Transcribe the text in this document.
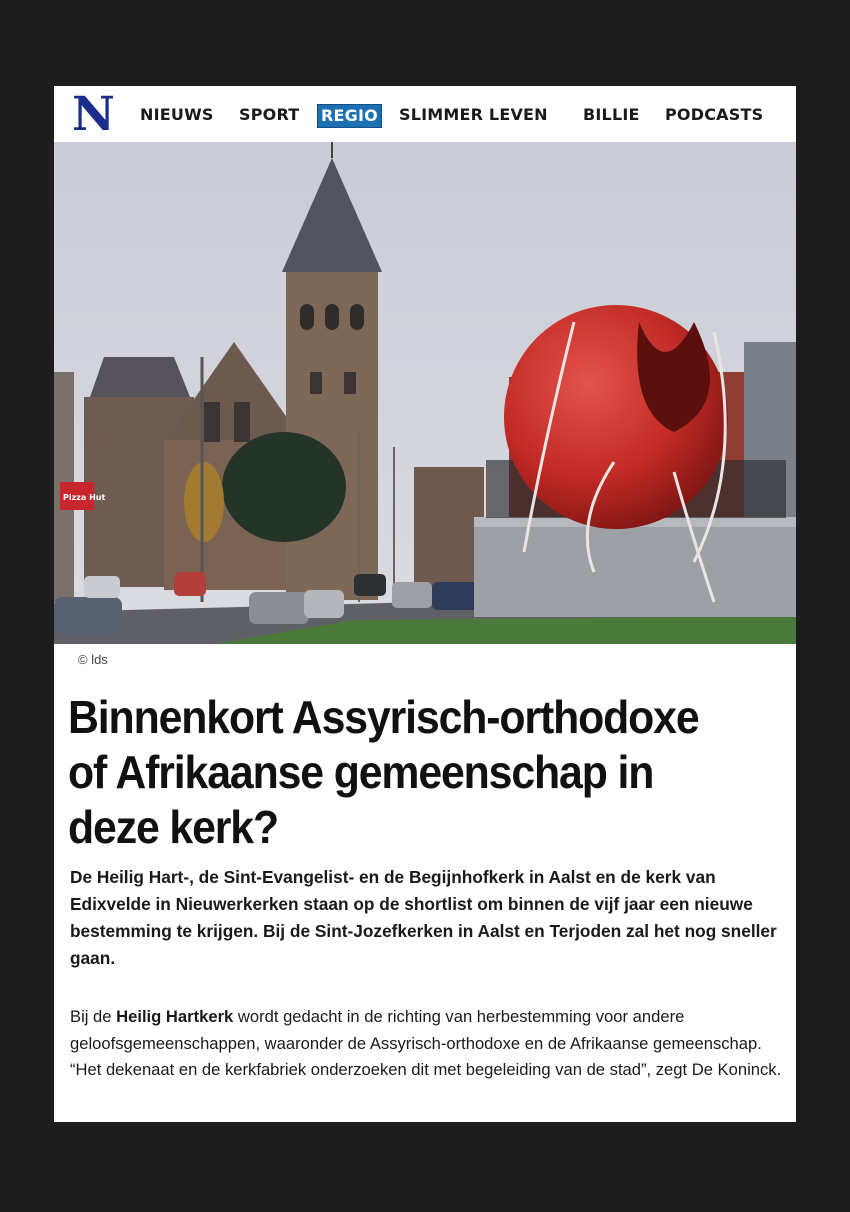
N NIEUWS SPORT REGIO SLIMMER LEVEN BILLIE PODCASTS
Pizza Hut
© lds
Binnenkort Assyrisch-orthodoxe of Afrikaanse gemeenschap in deze kerk?

De Heilig Hart-, de Sint-Evangelist- en de Begijnhofkerk in Aalst en de kerk van Edixvelde in Nieuwerkerken staan op de shortlist om binnen de vijf jaar een nieuwe bestemming te krijgen. Bij de Sint-Jozefkerken in Aalst en Terjoden zal het nog sneller gaan.

Bij de Heilig Hartkerk wordt gedacht in de richting van herbestemming voor andere geloofsgemeenschappen, waaronder de Assyrisch-orthodoxe en de Afrikaanse gemeenschap. “Het dekenaat en de kerkfabriek onderzoeken dit met begeleiding van de stad”, zegt De Koninck.
